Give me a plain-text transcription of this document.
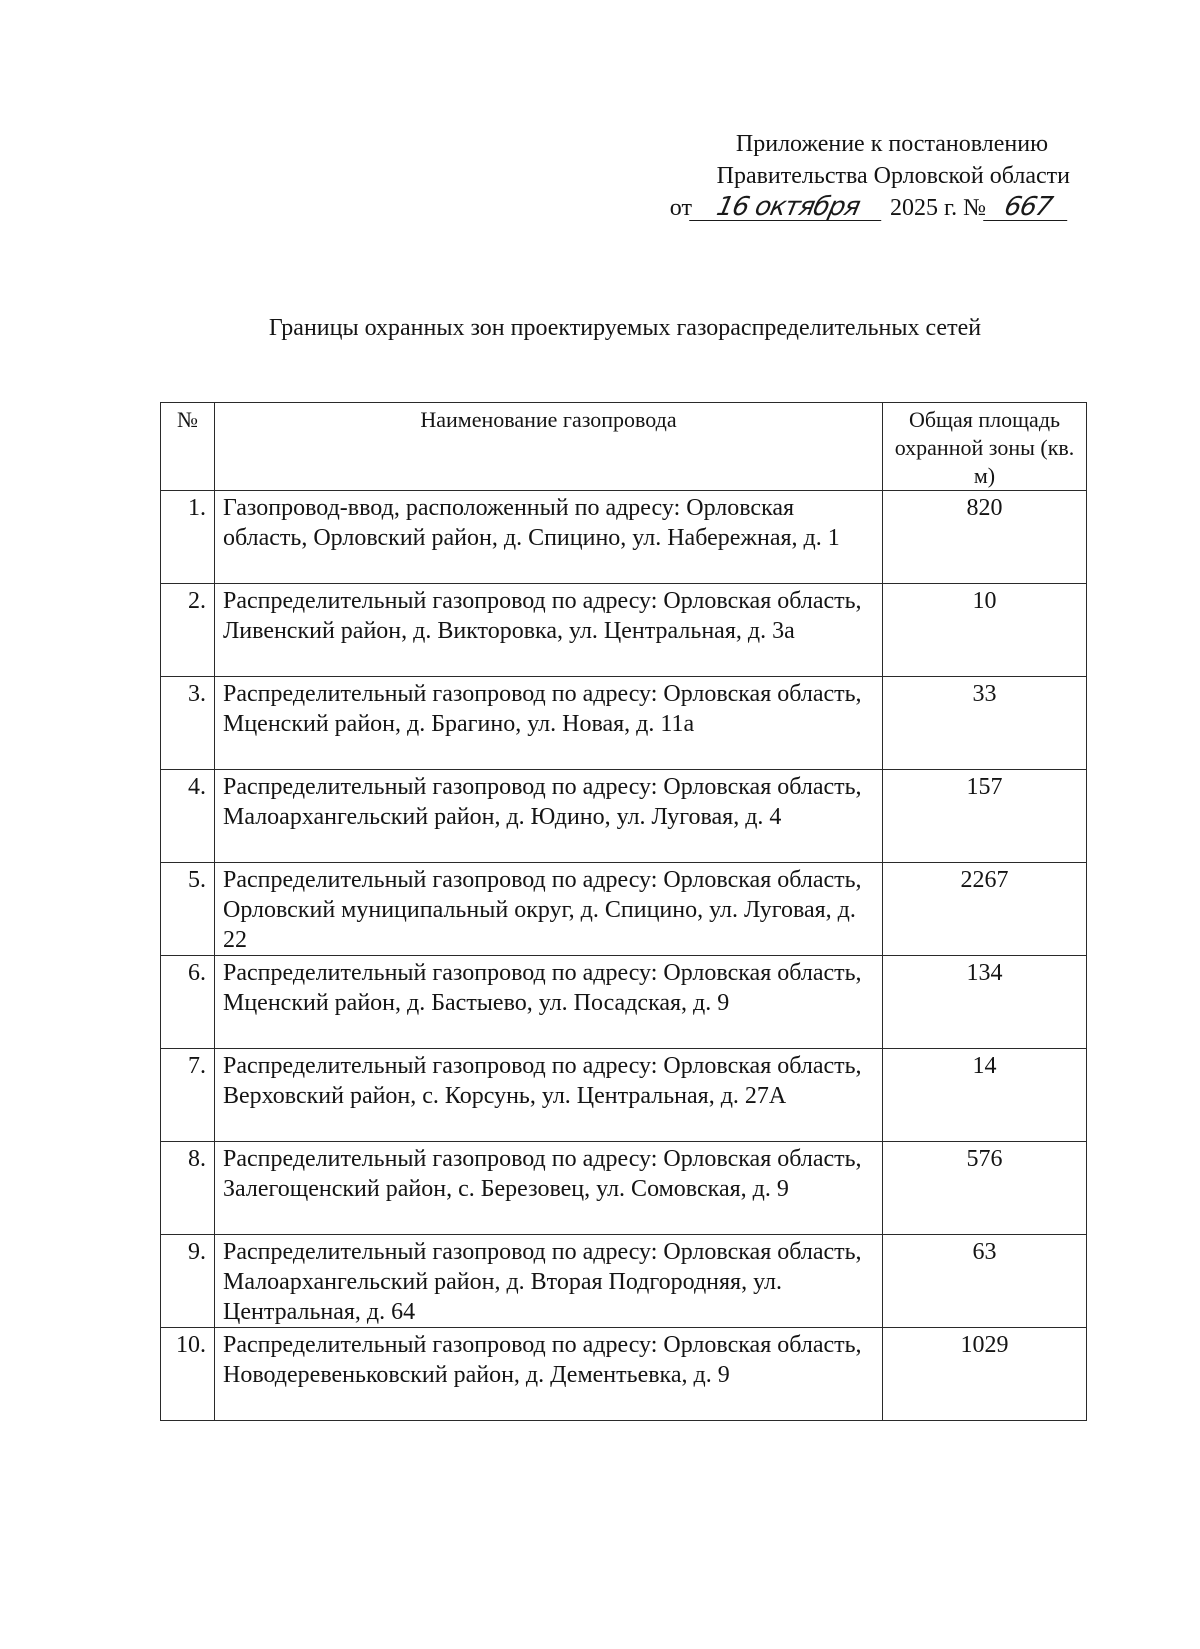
Приложение к постановлению
Правительства Орловской области
от 16 октября 2025 г. № 667
Границы охранных зон проектируемых газораспределительных сетей
№	Наименование газопровода	Общая площадь охранной зоны (кв. м)
1.	Газопровод-ввод, расположенный по адресу: Орловская область, Орловский район, д. Спицино, ул. Набережная, д. 1	820
2.	Распределительный газопровод по адресу: Орловская область, Ливенский район, д. Викторовка, ул. Центральная, д. 3а	10
3.	Распределительный газопровод по адресу: Орловская область, Мценский район, д. Брагино, ул. Новая, д. 11а	33
4.	Распределительный газопровод по адресу: Орловская область, Малоархангельский район, д. Юдино, ул. Луговая, д. 4	157
5.	Распределительный газопровод по адресу: Орловская область, Орловский муниципальный округ, д. Спицино, ул. Луговая, д. 22	2267
6.	Распределительный газопровод по адресу: Орловская область, Мценский район, д. Бастыево, ул. Посадская, д. 9	134
7.	Распределительный газопровод по адресу: Орловская область, Верховский район, с. Корсунь, ул. Центральная, д. 27А	14
8.	Распределительный газопровод по адресу: Орловская область, Залегощенский район, с. Березовец, ул. Сомовская, д. 9	576
9.	Распределительный газопровод по адресу: Орловская область, Малоархангельский район, д. Вторая Подгородняя, ул. Центральная, д. 64	63
10.	Распределительный газопровод по адресу: Орловская область, Новодеревеньковский район, д. Дементьевка, д. 9	1029
